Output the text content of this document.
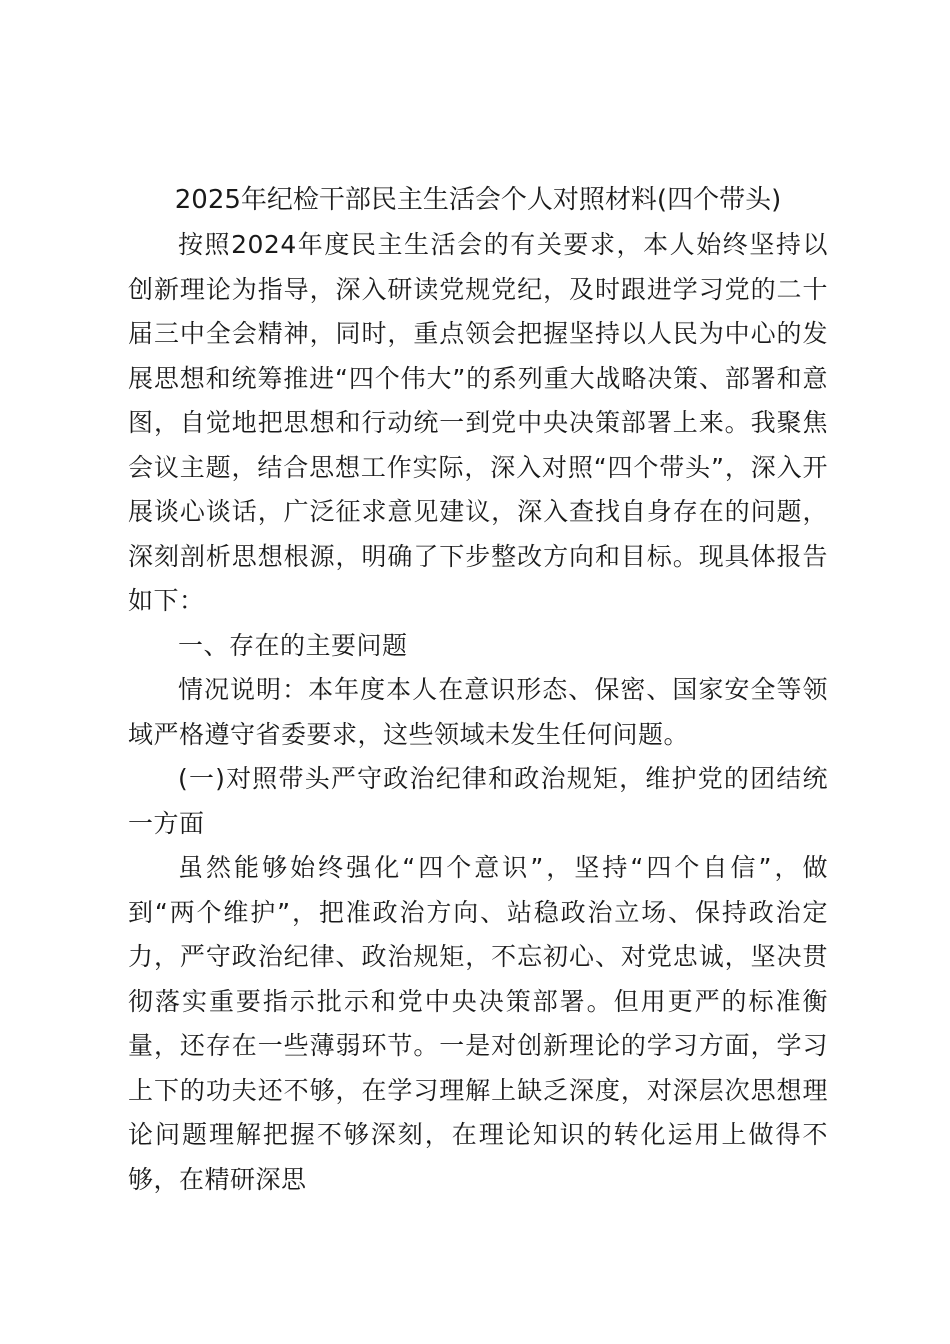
2025年纪检干部民主生活会个人对照材料(四个带头)

按照2024年度民主生活会的有关要求，本人始终坚持以创新理论为指导，深入研读党规党纪，及时跟进学习党的二十届三中全会精神，同时，重点领会把握坚持以人民为中心的发展思想和统筹推进“四个伟大”的系列重大战略决策、部署和意图，自觉地把思想和行动统一到党中央决策部署上来。我聚焦会议主题，结合思想工作实际，深入对照“四个带头”，深入开展谈心谈话，广泛征求意见建议，深入查找自身存在的问题，深刻剖析思想根源，明确了下步整改方向和目标。现具体报告如下：

一、存在的主要问题

情况说明：本年度本人在意识形态、保密、国家安全等领域严格遵守省委要求，这些领域未发生任何问题。

(一)对照带头严守政治纪律和政治规矩，维护党的团结统一方面

虽然能够始终强化“四个意识”，坚持“四个自信”，做到“两个维护”，把准政治方向、站稳政治立场、保持政治定力，严守政治纪律、政治规矩，不忘初心、对党忠诚，坚决贯彻落实重要指示批示和党中央决策部署。但用更严的标准衡量，还存在一些薄弱环节。一是对创新理论的学习方面，学习上下的功夫还不够，在学习理解上缺乏深度，对深层次思想理论问题理解把握不够深刻，在理论知识的转化运用上做得不够，在精研深思
